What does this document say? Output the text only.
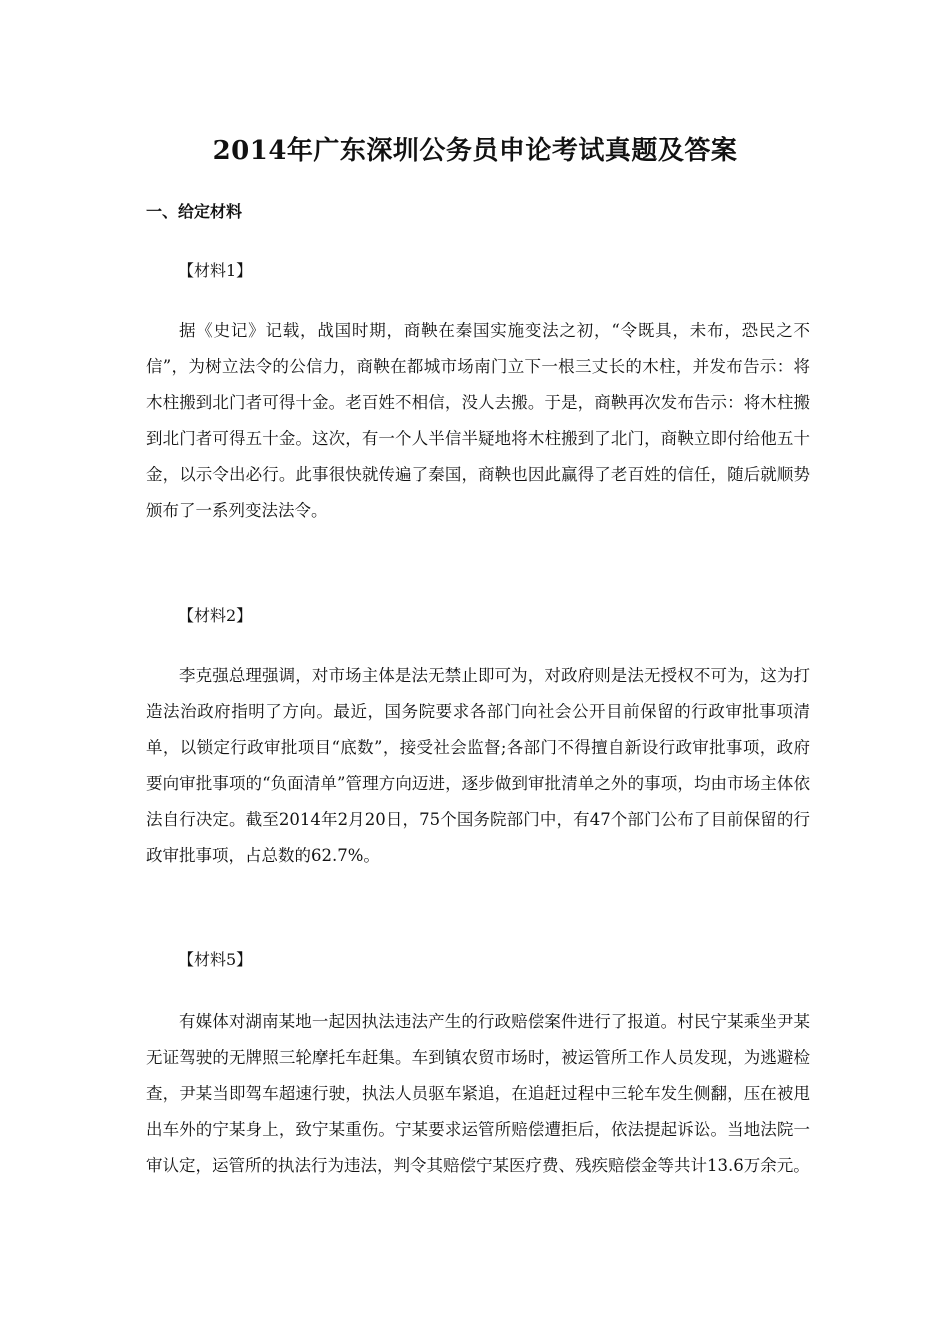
2014年广东深圳公务员申论考试真题及答案
一、给定材料
【材料1】

据《史记》记载，战国时期，商鞅在秦国实施变法之初，“令既具，未布，恐民之不信”，为树立法令的公信力，商鞅在都城市场南门立下一根三丈长的木柱，并发布告示：将木柱搬到北门者可得十金。老百姓不相信，没人去搬。于是，商鞅再次发布告示：将木柱搬到北门者可得五十金。这次，有一个人半信半疑地将木柱搬到了北门，商鞅立即付给他五十金，以示令出必行。此事很快就传遍了秦国，商鞅也因此赢得了老百姓的信任，随后就顺势颁布了一系列变法法令。

【材料2】

李克强总理强调，对市场主体是法无禁止即可为，对政府则是法无授权不可为，这为打造法治政府指明了方向。最近，国务院要求各部门向社会公开目前保留的行政审批事项清单，以锁定行政审批项目“底数”，接受社会监督;各部门不得擅自新设行政审批事项，政府要向审批事项的“负面清单”管理方向迈进，逐步做到审批清单之外的事项，均由市场主体依法自行决定。截至2014年2月20日，75个国务院部门中，有47个部门公布了目前保留的行政审批事项，占总数的62.7%。

【材料5】

有媒体对湖南某地一起因执法违法产生的行政赔偿案件进行了报道。村民宁某乘坐尹某无证驾驶的无牌照三轮摩托车赶集。车到镇农贸市场时，被运管所工作人员发现，为逃避检查，尹某当即驾车超速行驶，执法人员驱车紧追，在追赶过程中三轮车发生侧翻，压在被甩出车外的宁某身上，致宁某重伤。宁某要求运管所赔偿遭拒后，依法提起诉讼。当地法院一审认定，运管所的执法行为违法，判令其赔偿宁某医疗费、残疾赔偿金等共计13.6万余元。
